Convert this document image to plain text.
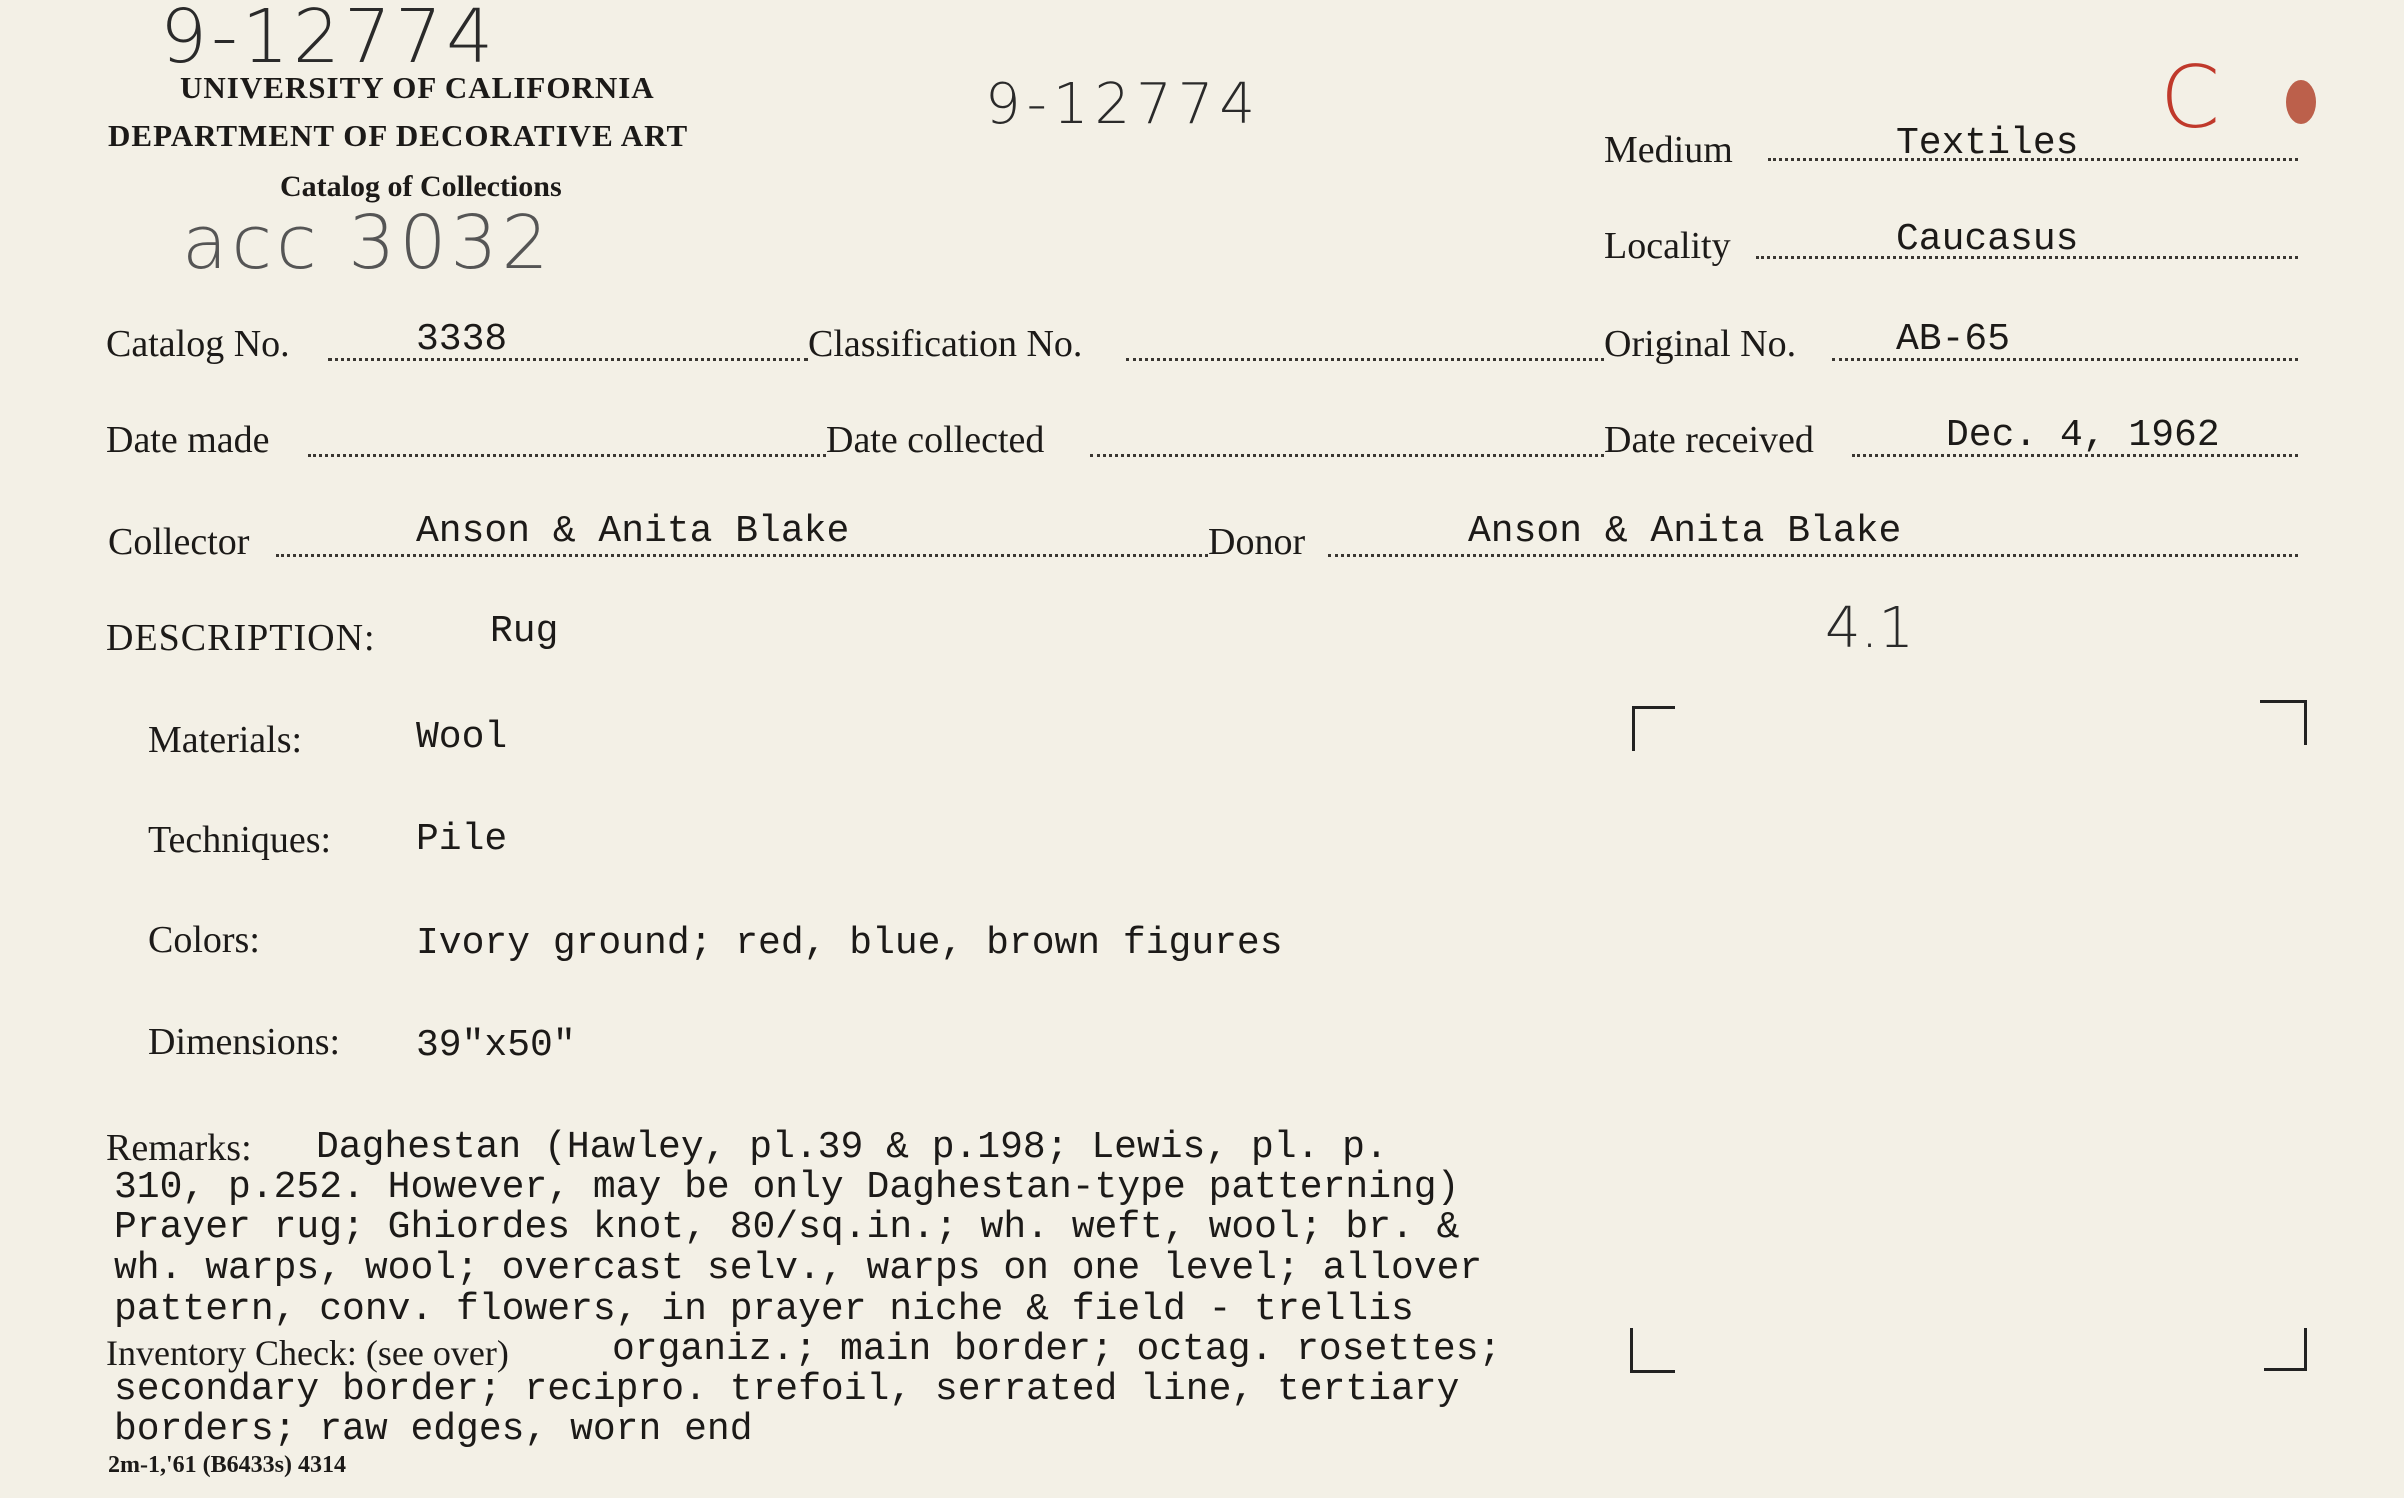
9-12774
9-12774
acc 3032
C
4.1
UNIVERSITY OF CALIFORNIA
DEPARTMENT OF DECORATIVE ART
Catalog of Collections
Medium	Textiles
Locality	Caucasus
Catalog No.	3338	Classification No.	Original No.	AB-65
Date made	Date collected	Date received	Dec. 4, 1962
Collector	Anson & Anita Blake	Donor	Anson & Anita Blake
DESCRIPTION:	Rug
Materials:	Wool
Techniques: Pile
Colors:	Ivory ground; red, blue, brown figures
Dimensions: 39"x50"
Remarks: Daghestan (Hawley, pl.39 & p.198; Lewis, pl. p.
310, p.252. However, may be only Daghestan-type patterning)
Prayer rug; Ghiordes knot, 80/sq.in.; wh. weft, wool; br. &
wh. warps, wool; overcast selv., warps on one level; allover
pattern, conv. flowers, in prayer niche & field - trellis
Inventory Check: (see over)	organiz.; main border; octag. rosettes;
secondary border; recipro. trefoil, serrated line, tertiary
borders; raw edges, worn end
2m-1,'61 (B6433s) 4314
